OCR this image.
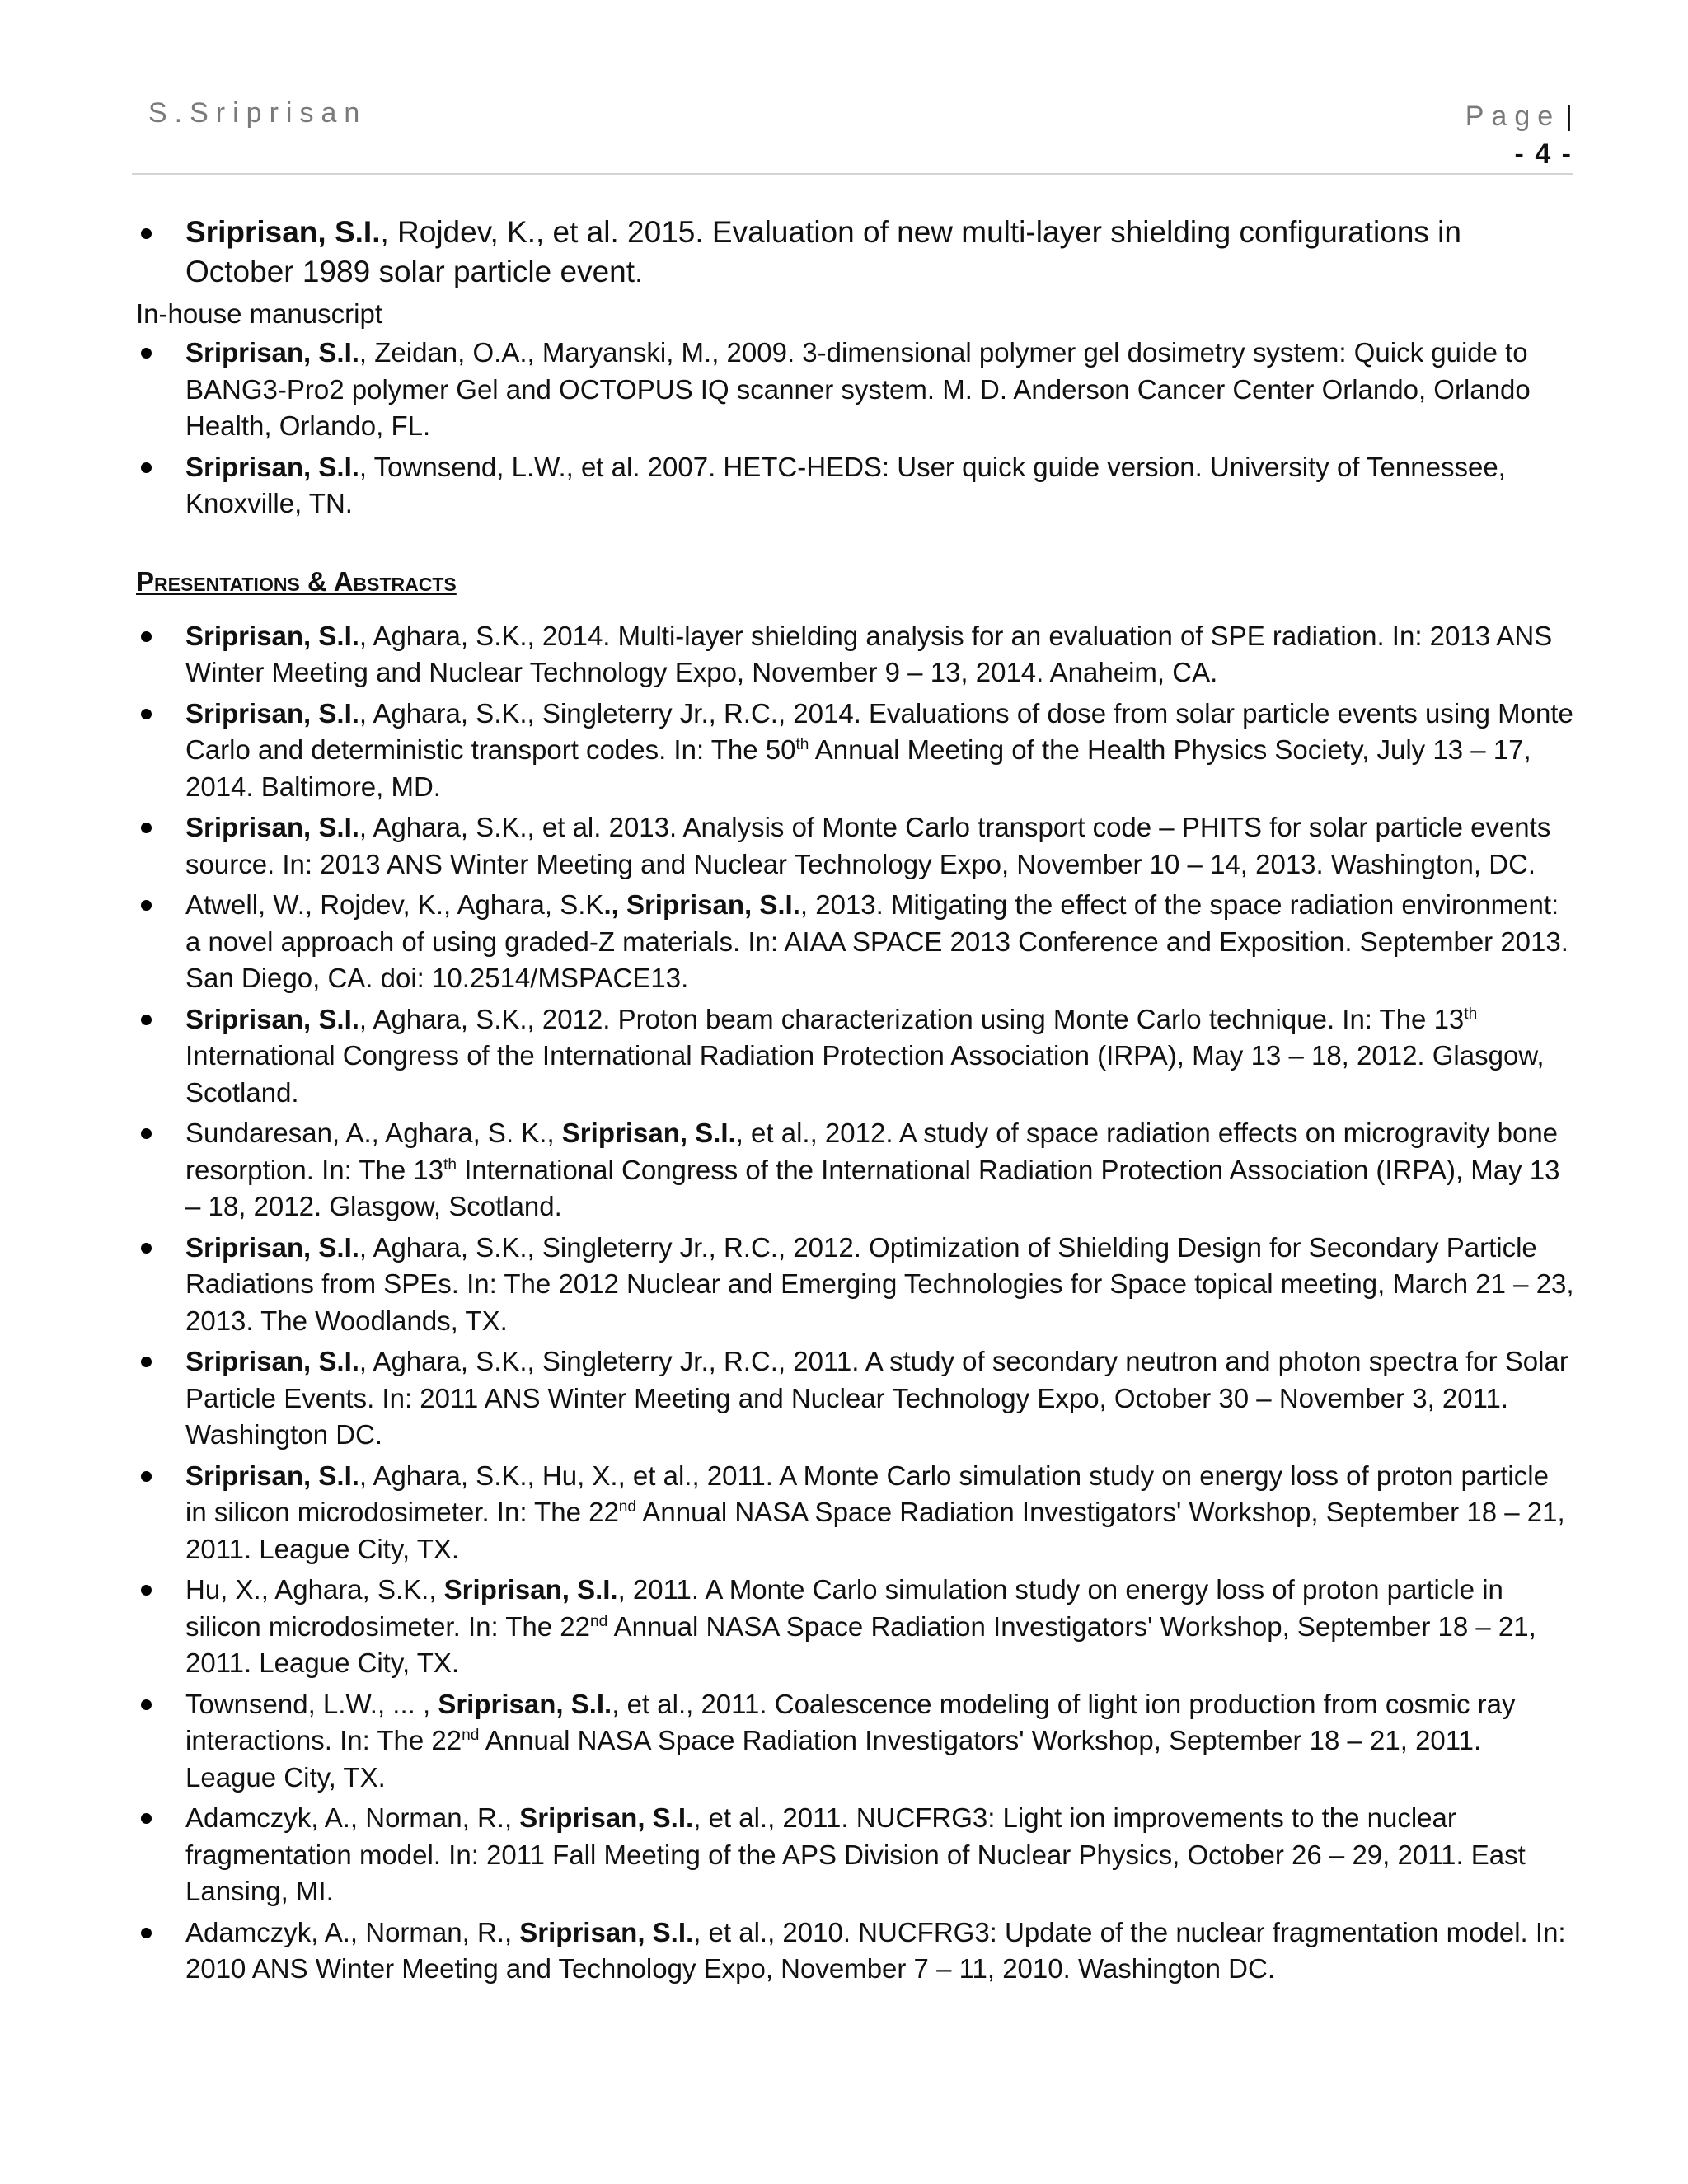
S.Sriprisan	Page |
- 4 -
Sriprisan, S.I., Rojdev, K., et al. 2015. Evaluation of new multi-layer shielding configurations in October 1989 solar particle event.
In-house manuscript
Sriprisan, S.I., Zeidan, O.A., Maryanski, M., 2009. 3-dimensional polymer gel dosimetry system: Quick guide to BANG3-Pro2 polymer Gel and OCTOPUS IQ scanner system. M. D. Anderson Cancer Center Orlando, Orlando Health, Orlando, FL.
Sriprisan, S.I., Townsend, L.W., et al. 2007. HETC-HEDS: User quick guide version. University of Tennessee, Knoxville, TN.
Presentations & Abstracts
Sriprisan, S.I., Aghara, S.K., 2014. Multi-layer shielding analysis for an evaluation of SPE radiation. In: 2013 ANS Winter Meeting and Nuclear Technology Expo, November 9 – 13, 2014. Anaheim, CA.
Sriprisan, S.I., Aghara, S.K., Singleterry Jr., R.C., 2014. Evaluations of dose from solar particle events using Monte Carlo and deterministic transport codes. In: The 50th Annual Meeting of the Health Physics Society, July 13 – 17, 2014. Baltimore, MD.
Sriprisan, S.I., Aghara, S.K., et al. 2013. Analysis of Monte Carlo transport code – PHITS for solar particle events source. In: 2013 ANS Winter Meeting and Nuclear Technology Expo, November 10 – 14, 2013. Washington, DC.
Atwell, W., Rojdev, K., Aghara, S.K., Sriprisan, S.I., 2013. Mitigating the effect of the space radiation environment: a novel approach of using graded-Z materials. In: AIAA SPACE 2013 Conference and Exposition. September 2013. San Diego, CA. doi: 10.2514/MSPACE13.
Sriprisan, S.I., Aghara, S.K., 2012. Proton beam characterization using Monte Carlo technique. In: The 13th International Congress of the International Radiation Protection Association (IRPA), May 13 – 18, 2012. Glasgow, Scotland.
Sundaresan, A., Aghara, S. K., Sriprisan, S.I., et al., 2012. A study of space radiation effects on microgravity bone resorption. In: The 13th International Congress of the International Radiation Protection Association (IRPA), May 13 – 18, 2012. Glasgow, Scotland.
Sriprisan, S.I., Aghara, S.K., Singleterry Jr., R.C., 2012. Optimization of Shielding Design for Secondary Particle Radiations from SPEs. In: The 2012 Nuclear and Emerging Technologies for Space topical meeting, March 21 – 23, 2013. The Woodlands, TX.
Sriprisan, S.I., Aghara, S.K., Singleterry Jr., R.C., 2011. A study of secondary neutron and photon spectra for Solar Particle Events. In: 2011 ANS Winter Meeting and Nuclear Technology Expo, October 30 – November 3, 2011. Washington DC.
Sriprisan, S.I., Aghara, S.K., Hu, X., et al., 2011. A Monte Carlo simulation study on energy loss of proton particle in silicon microdosimeter. In: The 22nd Annual NASA Space Radiation Investigators' Workshop, September 18 – 21, 2011. League City, TX.
Hu, X., Aghara, S.K., Sriprisan, S.I., 2011. A Monte Carlo simulation study on energy loss of proton particle in silicon microdosimeter. In: The 22nd Annual NASA Space Radiation Investigators' Workshop, September 18 – 21, 2011. League City, TX.
Townsend, L.W., ... , Sriprisan, S.I., et al., 2011. Coalescence modeling of light ion production from cosmic ray interactions. In: The 22nd Annual NASA Space Radiation Investigators' Workshop, September 18 – 21, 2011. League City, TX.
Adamczyk, A., Norman, R., Sriprisan, S.I., et al., 2011. NUCFRG3: Light ion improvements to the nuclear fragmentation model. In: 2011 Fall Meeting of the APS Division of Nuclear Physics, October 26 – 29, 2011. East Lansing, MI.
Adamczyk, A., Norman, R., Sriprisan, S.I., et al., 2010. NUCFRG3: Update of the nuclear fragmentation model. In: 2010 ANS Winter Meeting and Technology Expo, November 7 – 11, 2010. Washington DC.
